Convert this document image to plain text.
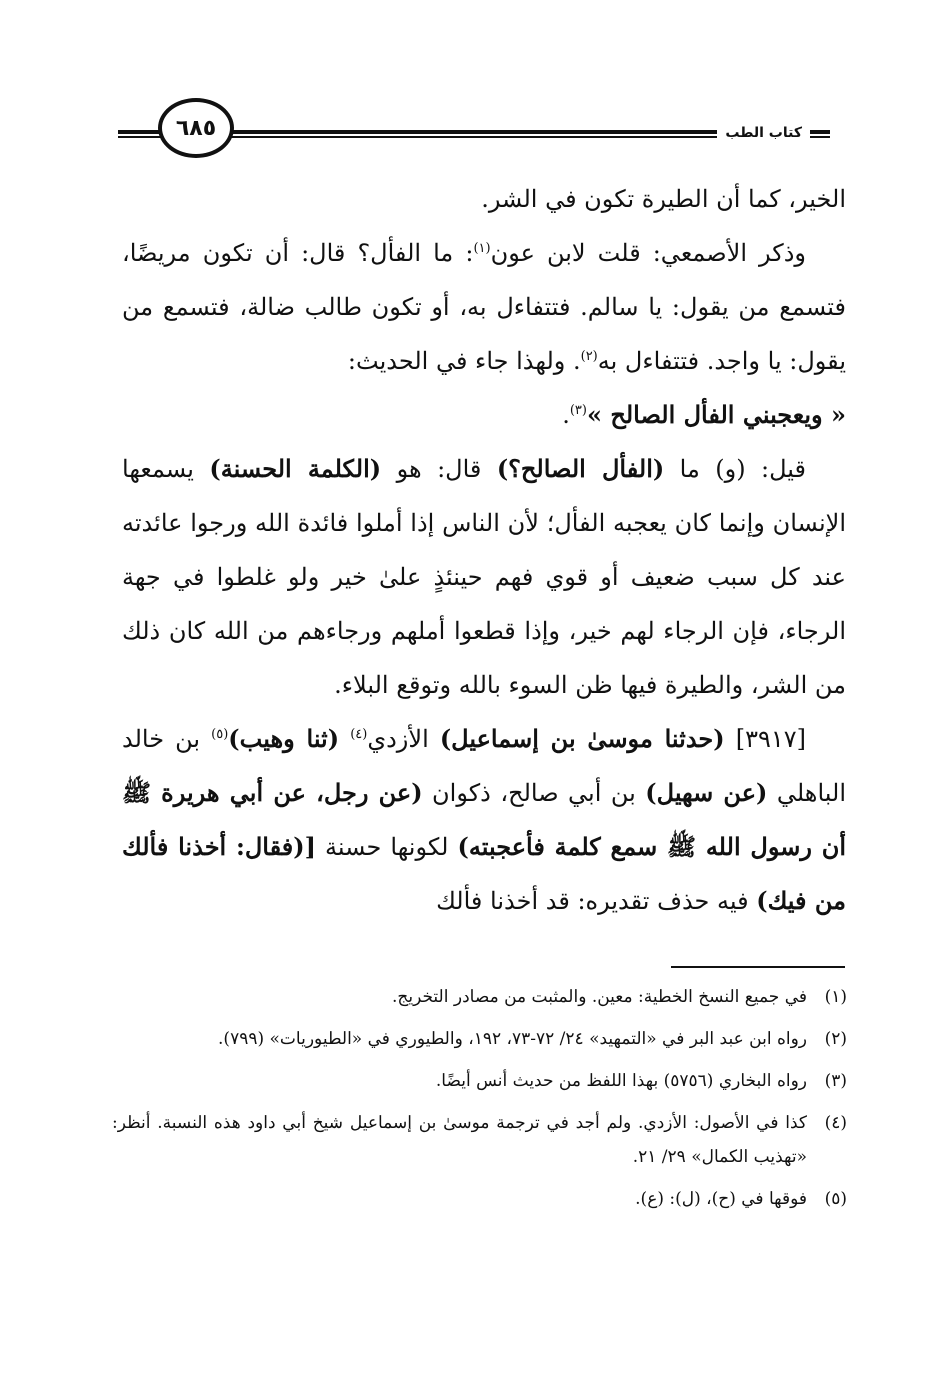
كتاب الطب
٦٨٥

الخير، كما أن الطيرة تكون في الشر.

وذكر الأصمعي: قلت لابن عون$^{(١)}$: ما الفأل؟ قال: أن تكون مريضًا، فتسمع من يقول: يا سالم. فتتفاءل به، أو تكون طالب ضالة، فتسمع من يقول: يا واجد. فتتفاءل به$^{(٢)}$. ولهذا جاء في الحديث:
« ويعجبني الفأل الصالح »$^{(٣)}$.

قيل: (و) ما (الفأل الصالح؟) قال: هو (الكلمة الحسنة) يسمعها الإنسان وإنما كان يعجبه الفأل؛ لأن الناس إذا أملوا فائدة الله ورجوا عائدته عند كل سبب ضعيف أو قوي فهم حينئذٍ علىٰ خير ولو غلطوا في جهة الرجاء، فإن الرجاء لهم خير، وإذا قطعوا أملهم ورجاءهم من الله كان ذلك من الشر، والطيرة فيها ظن السوء بالله وتوقع البلاء.

[٣٩١٧] (حدثنا موسىٰ بن إسماعيل) الأزدي$^{(٤)}$ (ثنا وهيب)$^{(٥)}$ بن خالد الباهلي (عن سهيل) بن أبي صالح، ذكوان (عن رجل، عن أبي هريرة ﷺ أن رسول الله ﷺ سمع كلمة فأعجبته) لكونها حسنة [(فقال: أخذنا فألك من فيك) فيه حذف تقديره: قد أخذنا فألك

(١)
في جميع النسخ الخطية: معين. والمثبت من مصادر التخريج.
(٢)
رواه ابن عبد البر في «التمهيد» ٢٤/ ٧٢-٧٣، ١٩٢، والطيوري في «الطيوريات» (٧٩٩).
(٣)
رواه البخاري (٥٧٥٦) بهذا اللفظ من حديث أنس أيضًا.
(٤)
كذا في الأصول: الأزدي. ولم أجد في ترجمة موسىٰ بن إسماعيل شيخ أبي داود هذه النسبة. أنظر: «تهذيب الكمال» ٢٩/ ٢١.
(٥)
فوقها في (ح)، (ل): (ع).
